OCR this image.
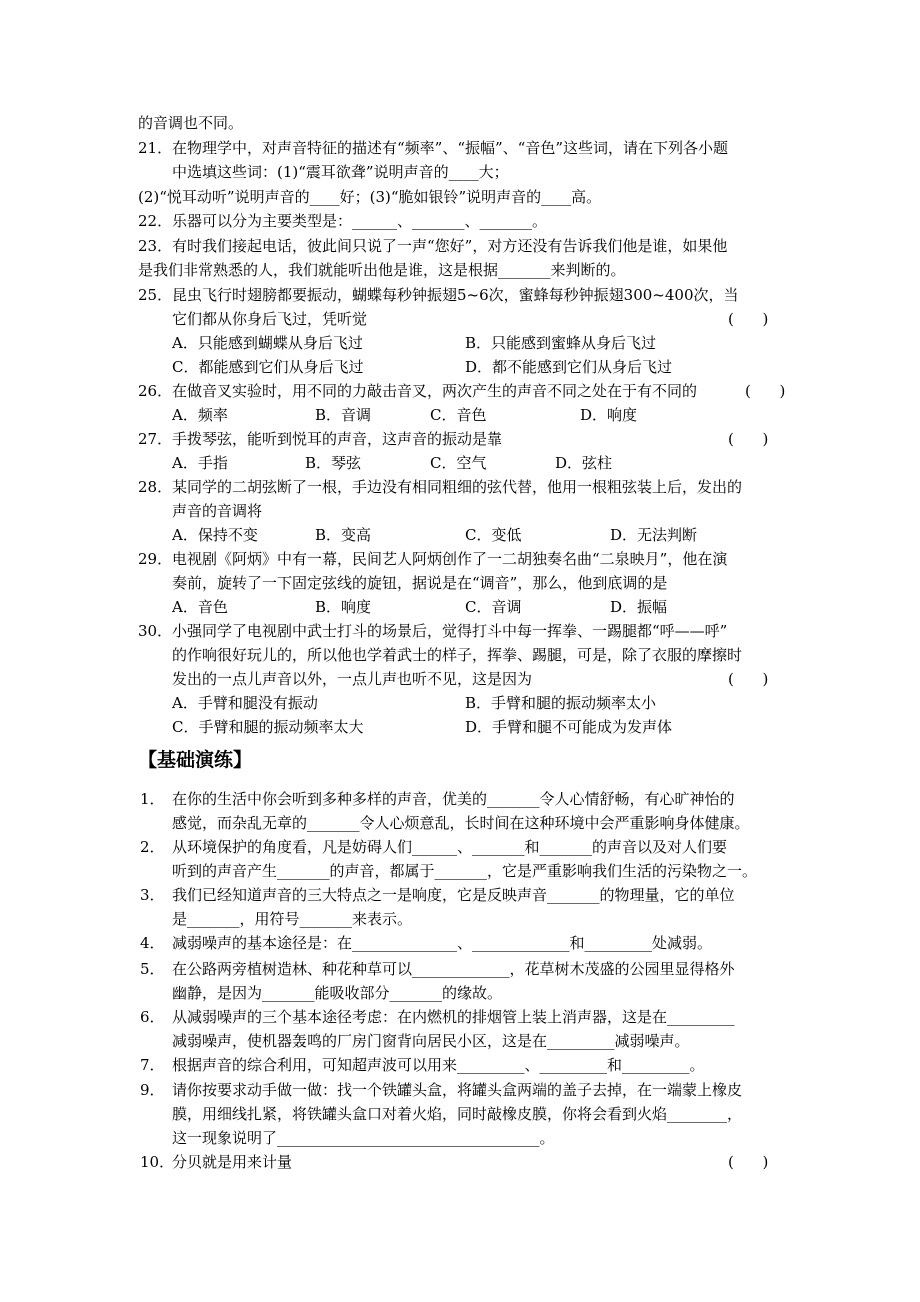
的音调也不同。
21． 在物理学中，对声音特征的描述有“频率”、“振幅”、“音色”这些词，请在下列各小题
中选填这些词：(1)“震耳欲聋”说明声音的____大；
(2)“悦耳动听”说明声音的____好；(3)“脆如银铃”说明声音的____高。
22． 乐器可以分为主要类型是：______、_______、_______。
23． 有时我们接起电话，彼此间只说了一声“您好”，对方还没有告诉我们他是谁，如果他
是我们非常熟悉的人，我们就能听出他是谁，这是根据_______来判断的。
25． 昆虫飞行时翅膀都要振动，蝴蝶每秒钟振翅5~6次，蜜蜂每秒钟振翅300~400次，当
它们都从你身后飞过，凭听觉	(      )
A．只能感到蝴蝶从身后飞过	B．只能感到蜜蜂从身后飞过
C．都能感到它们从身后飞过	D．都不能感到它们从身后飞过
26． 在做音叉实验时，用不同的力敲击音叉，两次产生的声音不同之处在于有不同的	(      )
A．频率	B．音调	C．音色	D．响度
27． 手拨琴弦，能听到悦耳的声音，这声音的振动是靠	(      )
A．手指	B．琴弦	C．空气	D．弦柱
28． 某同学的二胡弦断了一根，手边没有相同粗细的弦代替，他用一根粗弦装上后，发出的
声音的音调将
A．保持不变	B．变高	C．变低	D．无法判断
29． 电视剧《阿炳》中有一幕，民间艺人阿炳创作了一二胡独奏名曲“二泉映月”，他在演
奏前，旋转了一下固定弦线的旋钮，据说是在“调音”，那么，他到底调的是
A．音色	B．响度	C．音调	D．振幅
30． 小强同学了电视剧中武士打斗的场景后，觉得打斗中每一挥拳、一踢腿都“呼——呼”
的作响很好玩儿的，所以他也学着武士的样子，挥拳、踢腿，可是，除了衣服的摩擦时
发出的一点儿声音以外，一点儿声也听不见，这是因为	(      )
A．手臂和腿没有振动	B．手臂和腿的振动频率太小
C．手臂和腿的振动频率太大	D．手臂和腿不可能成为发声体
【基础演练】
1． 在你的生活中你会听到多种多样的声音，优美的_______令人心情舒畅，有心旷神怡的
感觉，而杂乱无章的_______令人心烦意乱，长时间在这种环境中会严重影响身体健康。
2． 从环境保护的角度看，凡是妨碍人们______、_______和_______的声音以及对人们要
听到的声音产生_______的声音，都属于_______，它是严重影响我们生活的污染物之一。
3． 我们已经知道声音的三大特点之一是响度，它是反映声音_______的物理量，它的单位
是_______，用符号_______来表示。
4． 减弱噪声的基本途径是：在______________、_____________和_________处减弱。
5． 在公路两旁植树造林、种花种草可以_____________，花草树木茂盛的公园里显得格外
幽静，是因为_______能吸收部分_______的缘故。
6． 从减弱噪声的三个基本途径考虑：在内燃机的排烟管上装上消声器，这是在_________
减弱噪声，使机器轰鸣的厂房门窗背向居民小区，这是在_________减弱噪声。
7． 根据声音的综合利用，可知超声波可以用来_________、_________和_________。
9． 请你按要求动手做一做：找一个铁罐头盒，将罐头盒两端的盖子去掉，在一端蒙上橡皮
膜，用细线扎紧，将铁罐头盒口对着火焰，同时敲橡皮膜，你将会看到火焰________，
这一现象说明了___________________________________。
10．
分贝就是用来计量	(      )
